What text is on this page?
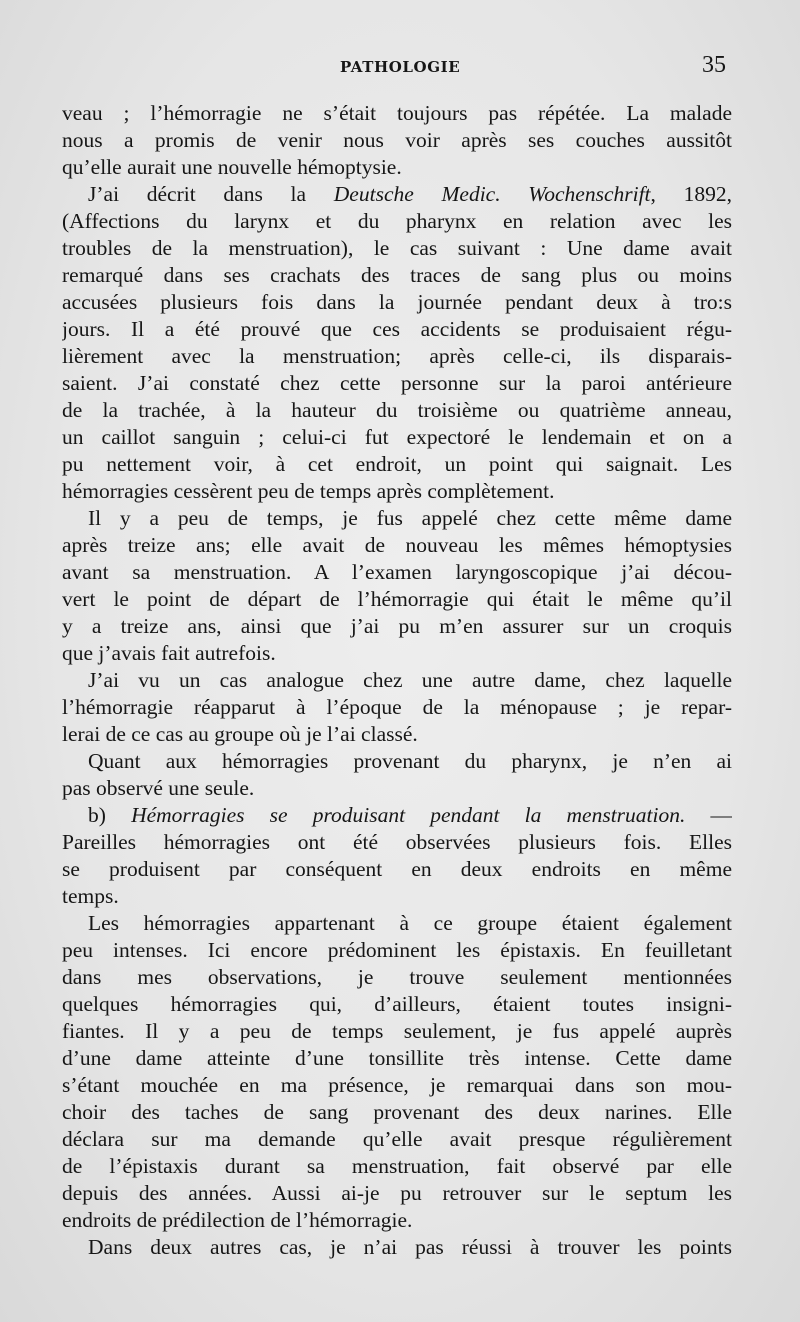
PATHOLOGIE	35
veau ; l’hémorragie ne s’était toujours pas répétée. La malade
nous a promis de venir nous voir après ses couches aussitôt
qu’elle aurait une nouvelle hémoptysie.
J’ai décrit dans la Deutsche Medic. Wochenschrift, 1892,
(Affections du larynx et du pharynx en relation avec les
troubles de la menstruation), le cas suivant : Une dame avait
remarqué dans ses crachats des traces de sang plus ou moins
accusées plusieurs fois dans la journée pendant deux à tro:s
jours. Il a été prouvé que ces accidents se produisaient régu-
lièrement avec la menstruation; après celle-ci, ils disparais-
saient. J’ai constaté chez cette personne sur la paroi antérieure
de la trachée, à la hauteur du troisième ou quatrième anneau,
un caillot sanguin ; celui-ci fut expectoré le lendemain et on a
pu nettement voir, à cet endroit, un point qui saignait. Les
hémorragies cessèrent peu de temps après complètement.
Il y a peu de temps, je fus appelé chez cette même dame
après treize ans; elle avait de nouveau les mêmes hémoptysies
avant sa menstruation. A l’examen laryngoscopique j’ai décou-
vert le point de départ de l’hémorragie qui était le même qu’il
y a treize ans, ainsi que j’ai pu m’en assurer sur un croquis
que j’avais fait autrefois.
J’ai vu un cas analogue chez une autre dame, chez laquelle
l’hémorragie réapparut à l’époque de la ménopause ; je repar-
lerai de ce cas au groupe où je l’ai classé.
Quant aux hémorragies provenant du pharynx, je n’en ai
pas observé une seule.
b) Hémorragies se produisant pendant la menstruation. —
Pareilles hémorragies ont été observées plusieurs fois. Elles
se produisent par conséquent en deux endroits en même
temps.
Les hémorragies appartenant à ce groupe étaient également
peu intenses. Ici encore prédominent les épistaxis. En feuilletant
dans mes observations, je trouve seulement mentionnées
quelques hémorragies qui, d’ailleurs, étaient toutes insigni-
fiantes. Il y a peu de temps seulement, je fus appelé auprès
d’une dame atteinte d’une tonsillite très intense. Cette dame
s’étant mouchée en ma présence, je remarquai dans son mou-
choir des taches de sang provenant des deux narines. Elle
déclara sur ma demande qu’elle avait presque régulièrement
de l’épistaxis durant sa menstruation, fait observé par elle
depuis des années. Aussi ai-je pu retrouver sur le septum les
endroits de prédilection de l’hémorragie.
Dans deux autres cas, je n’ai pas réussi à trouver les points
